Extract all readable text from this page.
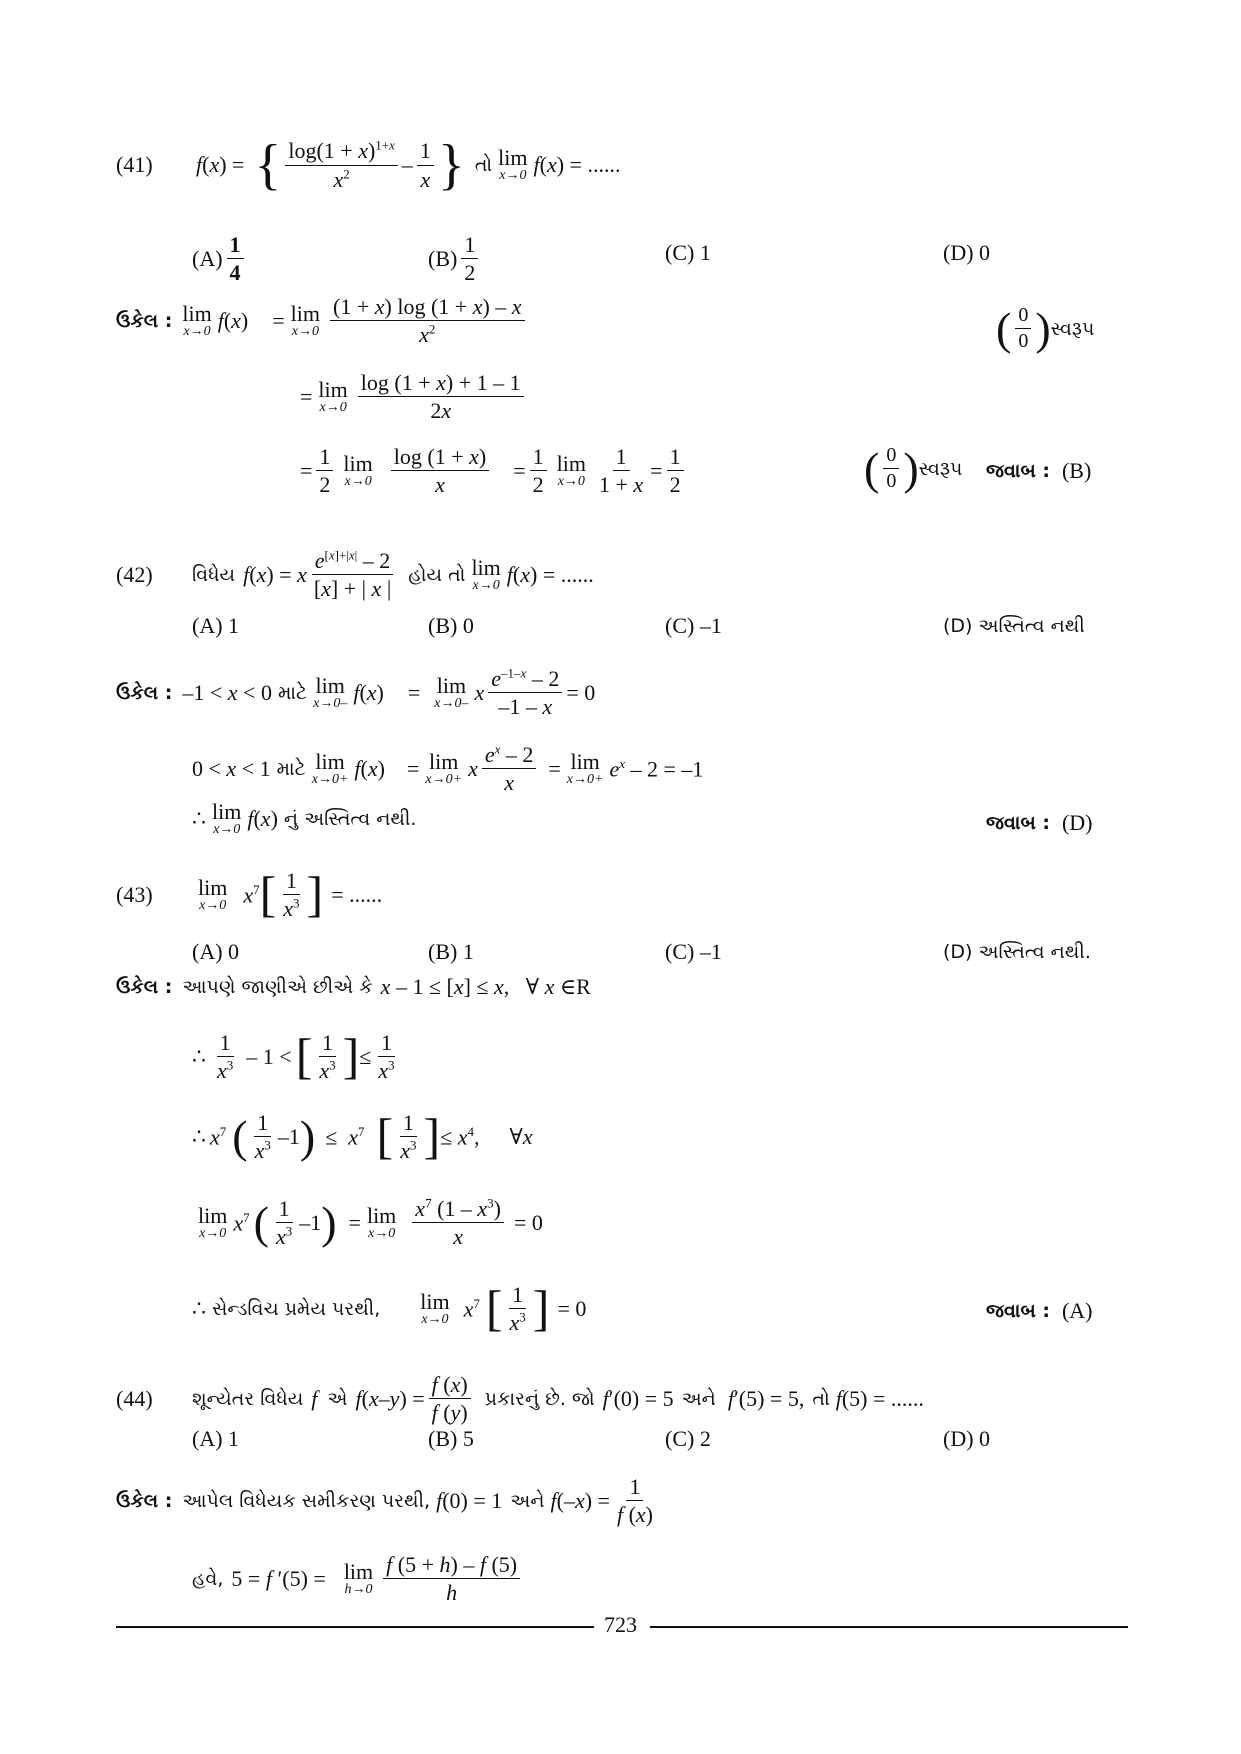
(41)	f(x) = { $\frac{\log(1 + x)^{1+x}}{x^2} - \frac{1}{x}$ } તો lim
x→0 f(x) = ......
$(A) \frac{1}{4}$	$(B) \frac{1}{2}$	(C) 1	(D) 0
ઉકેલ : lim
x→0 f(x) = lim
$x\to 0 \frac{(1 + x) \log (1 + x) - x}{x^2}$	( $\frac{0}{0}$ ) સ્વરૂપ
= lim
$x\to 0 \frac{\log (1 + x) + 1 - 1}{2x}$
= $\frac{1}{2}$ lim
$x\to 0 \frac{\log (1 + x)}{x} = \frac{1}{2}$ lim
$x\to 0 \frac{1}{1 + x} = \frac{1}{2}$	( $\frac{0}{0}$ ) સ્વરૂપ જવાબ : (B)
(42)	વિધેય f(x) = x $\frac{e^{[x]+|x|} - 2}{[x] + | x |}$ હોય તો lim
x→0 f(x) = ......
(A) 1	(B) 0	(C) –1	(D) અસ્તિત્વ નથી
ઉકેલ : –1 < x < 0 માટે lim
x→0– f(x) = lim
x→0– x $\frac{e^{-1-x} - 2}{-1 - x} = 0$
0 < x < 1 માટે lim
x→0+ f(x) = lim
x→0+ x $\frac{e^x - 2}{x} = \lim$
$x\to 0+ e^x - 2 = -1$
∴ lim
x→0 f(x) નું અસ્તિત્વ નથી.	જવાબ : (D)
(43)	lim
x→0 $x^7$ [ $\frac{1}{x^3}$ ] = ......
(A) 0	(B) 1	(C) –1	(D) અસ્તિત્વ નથી.
ઉકેલ : આપણે જાણીએ છીએ કે x – 1 ≤ [x] ≤ x,   ∀ x ∈R
∴ $\frac{1}{x^3} - 1$ < [ $\frac{1}{x^3}$ ] ≤ $\frac{1}{x^3}$
∴ $x^7$ ( $\frac{1}{x^3} -1$ ) ≤  $x^7$ [ $\frac{1}{x^3}$ ] ≤ $x^4$, ∀x
lim
x→0 $x^7$ ( $\frac{1}{x^3} -1$ ) = lim
$x\to 0 \frac{x^7 (1 - x^3)}{x} = 0$
∴ સેન્ડવિચ પ્રમેય પરથી, lim
x→0 $x^7$ [ $\frac{1}{x^3}$ ] = 0	જવાબ : (A)
(44)	શૂન્યેતર વિધેય f એ $f(x-y) = \frac{f (x)}{f (y)}$ પ્રકારનું છે. જો f′(0) = 5 અને f′(5) = 5, તો f(5) = ......
(A) 1	(B) 5	(C) 2	(D) 0
ઉકેલ : આપેલ વિધેયક સમીકરણ પરથી, f(0) = 1 અને $f(-x) = \frac{1}{f (x)}$
હવે, 5 = f ′(5) = lim
$h\to 0 \frac{f (5 + h) - f (5)}{h}$
723
